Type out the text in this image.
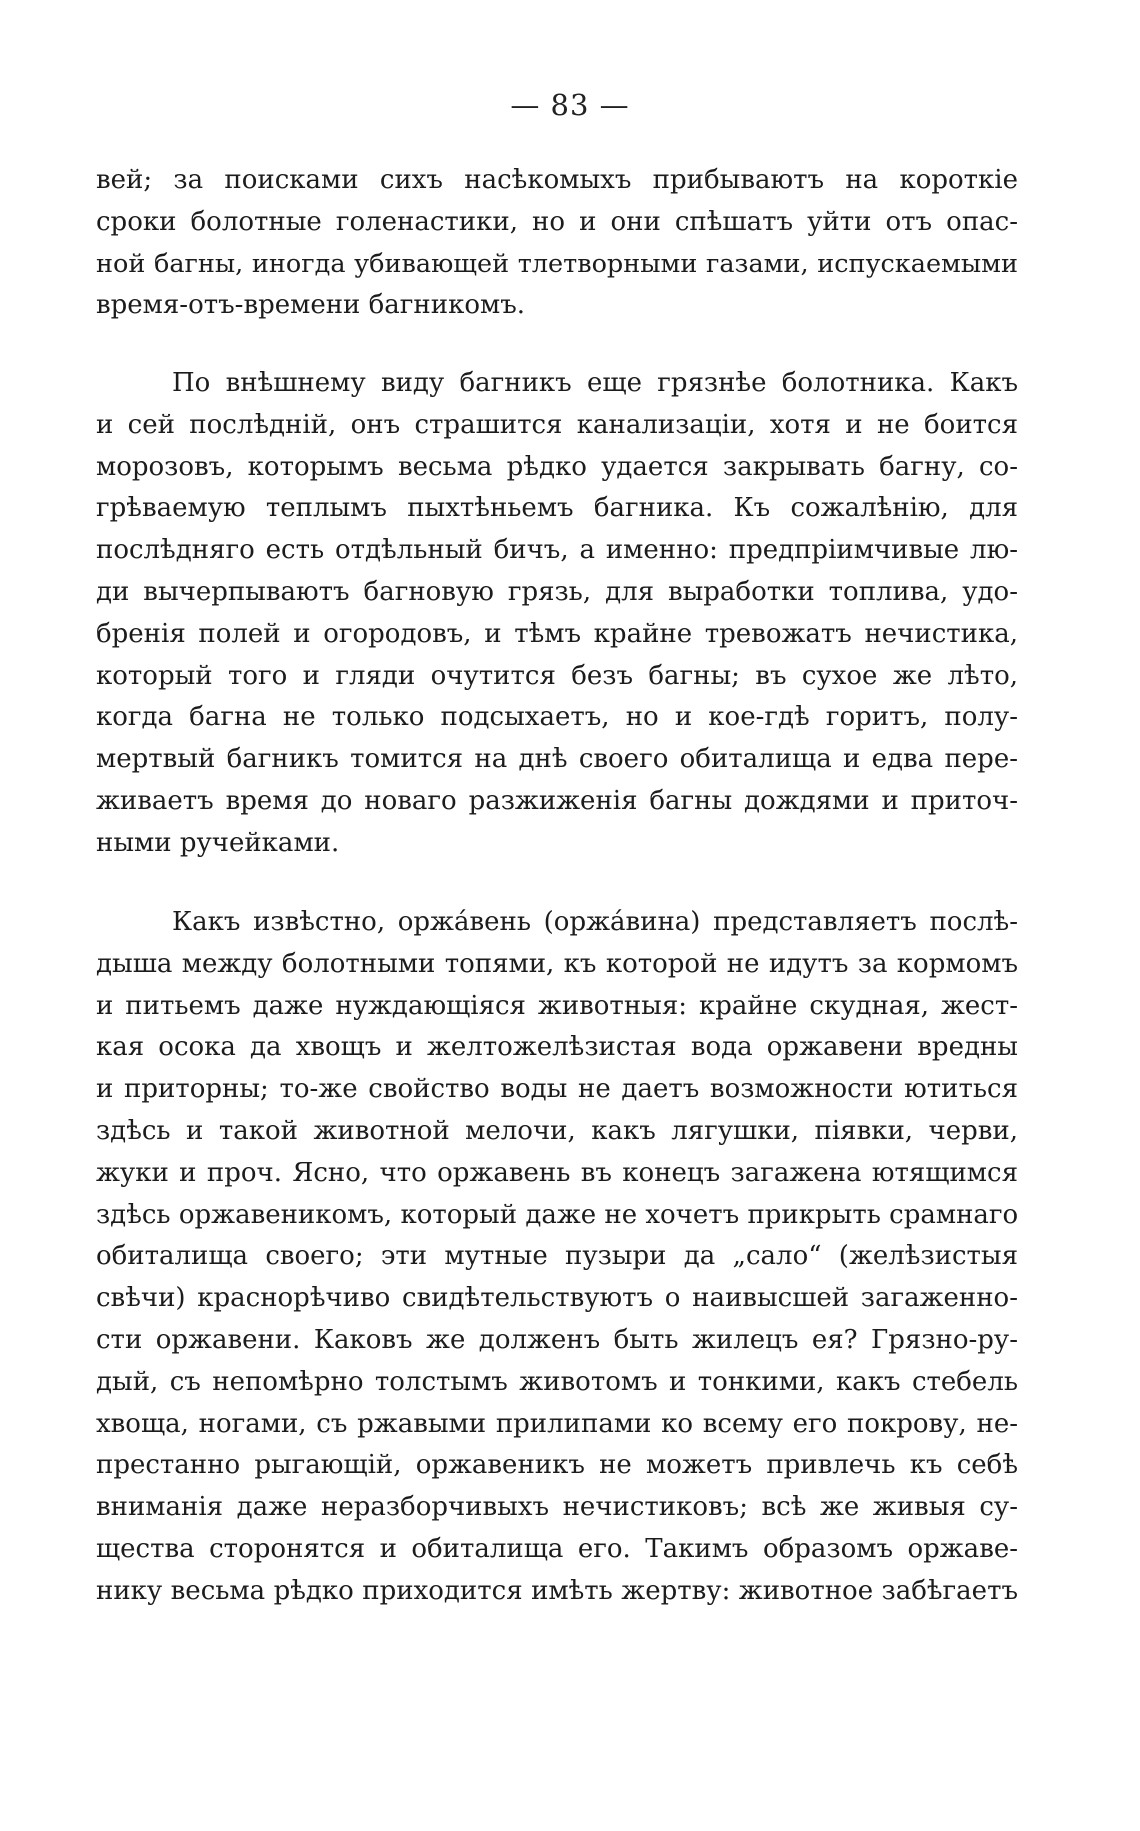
— 83 —
вей; за поисками сихъ насѣкомыхъ прибываютъ на короткіе
сроки болотные голенастики, но и они спѣшатъ уйти отъ опас-
ной багны, иногда убивающей тлетворными газами, испускаемыми
время-отъ-времени багникомъ.
По внѣшнему виду багникъ еще грязнѣе болотника. Какъ
и сей послѣдній, онъ страшится канализаціи, хотя и не боится
морозовъ, которымъ весьма рѣдко удается закрывать багну, со-
грѣваемую теплымъ пыхтѣньемъ багника. Къ сожалѣнію, для
послѣдняго есть отдѣльный бичъ, а именно: предпріимчивые лю-
ди вычерпываютъ багновую грязь, для выработки топлива, удо-
бренія полей и огородовъ, и тѣмъ крайне тревожатъ нечистика,
который того и гляди очутится безъ багны; въ сухое же лѣто,
когда багна не только подсыхаетъ, но и кое-гдѣ горитъ, полу-
мертвый багникъ томится на днѣ своего обиталища и едва пере-
живаетъ время до новаго разжиженія багны дождями и приточ-
ными ручейками.
Какъ извѣстно, оржа́вень (оржа́вина) представляетъ послѣ-
дыша между болотными топями, къ которой не идутъ за кормомъ
и питьемъ даже нуждающіяся животныя: крайне скудная, жест-
кая осока да хвощъ и желтожелѣзистая вода оржавени вредны
и приторны; то-же свойство воды не даетъ возможности ютиться
здѣсь и такой животной мелочи, какъ лягушки, піявки, черви,
жуки и проч. Ясно, что оржавень въ конецъ загажена ютящимся
здѣсь оржавеникомъ, который даже не хочетъ прикрыть срамнаго
обиталища своего; эти мутные пузыри да „сало“ (желѣзистыя
свѣчи) краснорѣчиво свидѣтельствуютъ о наивысшей загаженно-
сти оржавени. Каковъ же долженъ быть жилецъ ея? Грязно-ру-
дый, съ непомѣрно толстымъ животомъ и тонкими, какъ стебель
хвоща, ногами, съ ржавыми прилипами ко всему его покрову, не-
престанно рыгающій, оржавеникъ не можетъ привлечь къ себѣ
вниманія даже неразборчивыхъ нечистиковъ; всѣ же живыя су-
щества сторонятся и обиталища его. Такимъ образомъ оржаве-
нику весьма рѣдко приходится имѣть жертву: животное забѣгаетъ
